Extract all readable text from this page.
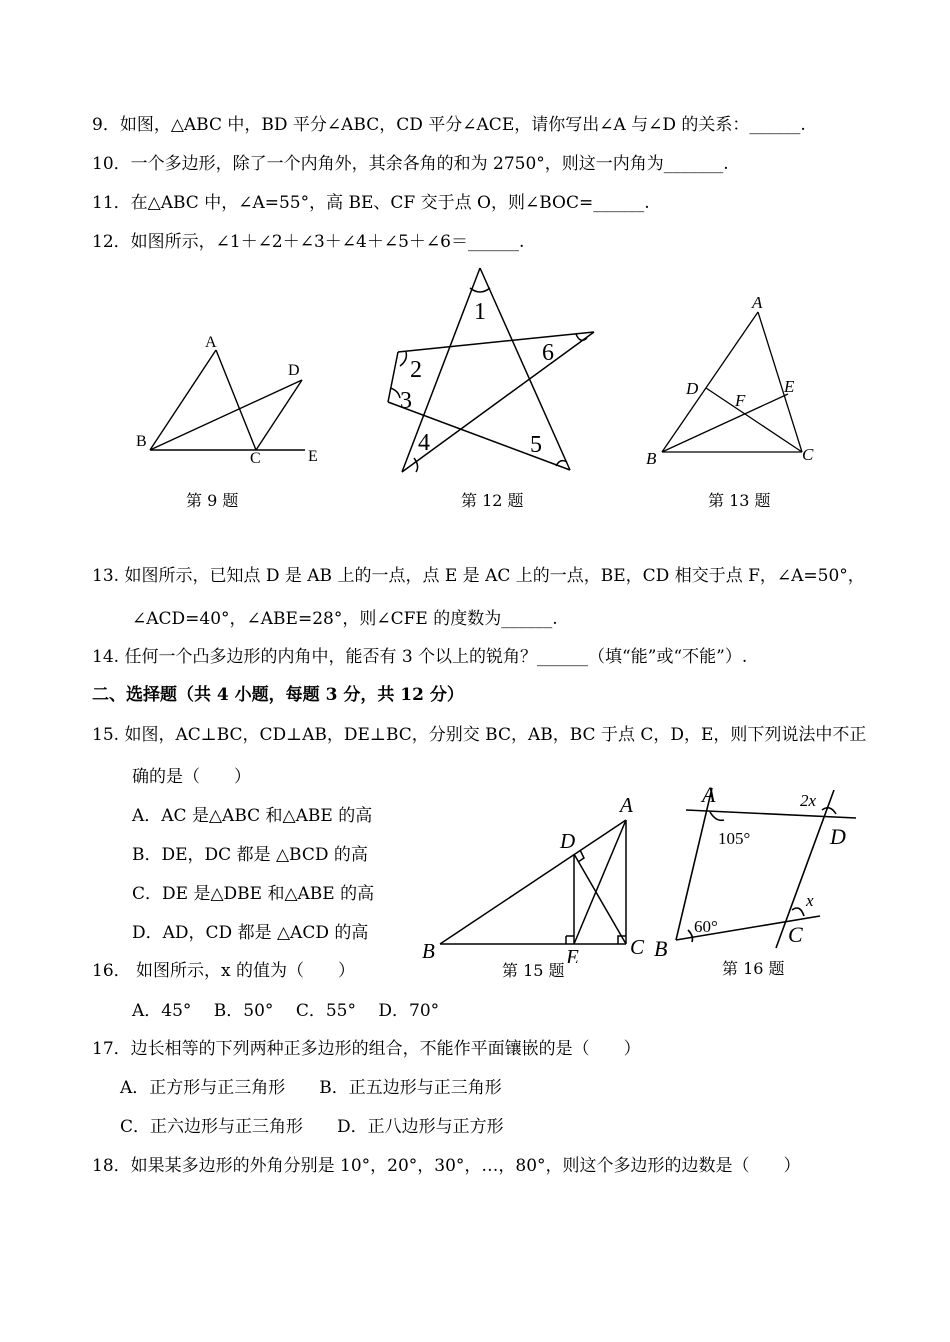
9．如图，△ABC 中，BD 平分∠ABC，CD 平分∠ACE，请你写出∠A 与∠D 的关系：______.
10．一个多边形，除了一个内角外，其余各角的和为 2750°，则这一内角为_______.
11．在△ABC 中，∠A=55°，高 BE、CF 交于点 O，则∠BOC=______.
12．如图所示，∠1＋∠2＋∠3＋∠4＋∠5＋∠6＝______.
A
B
C
D
E
第 9 题
1
2
3
4	5
6
第 12 题
A
B	C
D	E
F
第 13 题
13. 如图所示，已知点 D 是 AB 上的一点，点 E 是 AC 上的一点，BE，CD 相交于点 F，∠A=50°，
∠ACD=40°，∠ABE=28°，则∠CFE 的度数为______.
14. 任何一个凸多边形的内角中，能否有 3 个以上的锐角？______（填“能”或“不能”）.
二、选择题（共 4 小题，每题 3 分，共 12 分）
15. 如图，AC⊥BC，CD⊥AB，DE⊥BC，分别交 BC，AB，BC 于点 C，D，E，则下列说法中不正
确的是（　　）
A．AC 是△ABC 和△ABE 的高
B．DE，DC 都是 △BCD 的高
C．DE 是△DBE 和△ABE 的高
D．AD，CD 都是 △ACD 的高
A
B	C
D
E
第 15 题
A
B
C
D
105°
60°
2x
x
第 16 题
16． 如图所示，x 的值为（　　）
A．45°　 B．50°　 C．55°　 D．70°
17．边长相等的下列两种正多边形的组合，不能作平面镶嵌的是（　　）
A．正方形与正三角形　　B．正五边形与正三角形
C．正六边形与正三角形　　D．正八边形与正方形
18．如果某多边形的外角分别是 10°，20°，30°，…，80°，则这个多边形的边数是（　　）
